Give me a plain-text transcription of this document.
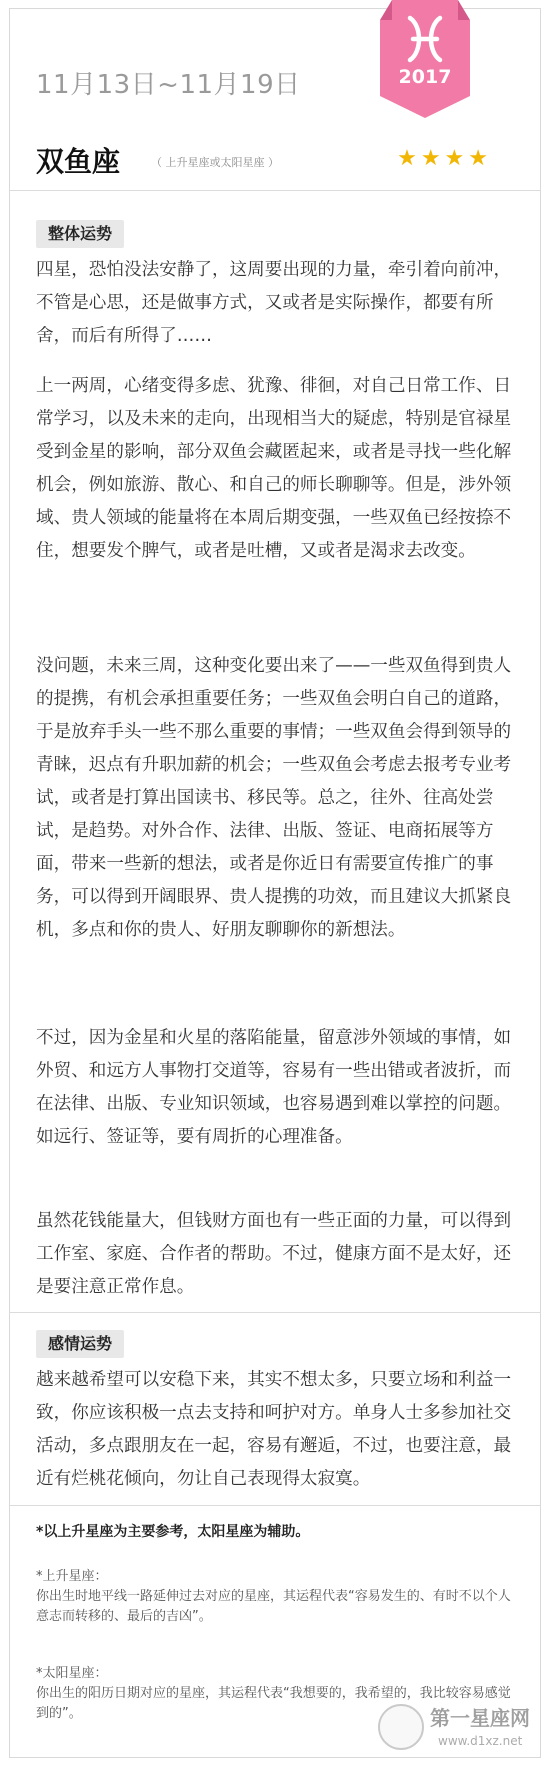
11月13日~11月19日	2017
双鱼座	（ 上升星座或太阳星座 ）	★★★★
整体运势
四星，恐怕没法安静了，这周要出现的力量，牵引着向前冲，不管是心思，还是做事方式，又或者是实际操作，都要有所舍，而后有所得了……
上一两周，心绪变得多虑、犹豫、徘徊，对自己日常工作、日常学习，以及未来的走向，出现相当大的疑虑，特别是官禄星受到金星的影响，部分双鱼会藏匿起来，或者是寻找一些化解机会，例如旅游、散心、和自己的师长聊聊等。但是，涉外领域、贵人领域的能量将在本周后期变强，一些双鱼已经按捺不住，想要发个脾气，或者是吐槽，又或者是渴求去改变。
没问题，未来三周，这种变化要出来了——一些双鱼得到贵人的提携，有机会承担重要任务；一些双鱼会明白自己的道路，于是放弃手头一些不那么重要的事情；一些双鱼会得到领导的青睐，迟点有升职加薪的机会；一些双鱼会考虑去报考专业考试，或者是打算出国读书、移民等。总之，往外、往高处尝试，是趋势。对外合作、法律、出版、签证、电商拓展等方面，带来一些新的想法，或者是你近日有需要宣传推广的事务，可以得到开阔眼界、贵人提携的功效，而且建议大抓紧良机，多点和你的贵人、好朋友聊聊你的新想法。
不过，因为金星和火星的落陷能量，留意涉外领域的事情，如外贸、和远方人事物打交道等，容易有一些出错或者波折，而在法律、出版、专业知识领域，也容易遇到难以掌控的问题。如远行、签证等，要有周折的心理准备。
虽然花钱能量大，但钱财方面也有一些正面的力量，可以得到工作室、家庭、合作者的帮助。不过，健康方面不是太好，还是要注意正常作息。
感情运势
越来越希望可以安稳下来，其实不想太多，只要立场和利益一致，你应该积极一点去支持和呵护对方。单身人士多参加社交活动，多点跟朋友在一起，容易有邂逅，不过，也要注意，最近有烂桃花倾向，勿让自己表现得太寂寞。
*以上升星座为主要参考，太阳星座为辅助。
*上升星座：
你出生时地平线一路延伸过去对应的星座，其运程代表“容易发生的、有时不以个人意志而转移的、最后的吉凶”。
*太阳星座：
你出生的阳历日期对应的星座，其运程代表“我想要的，我希望的，我比较容易感觉到的”。	第一星座网
www.d1xz.net
